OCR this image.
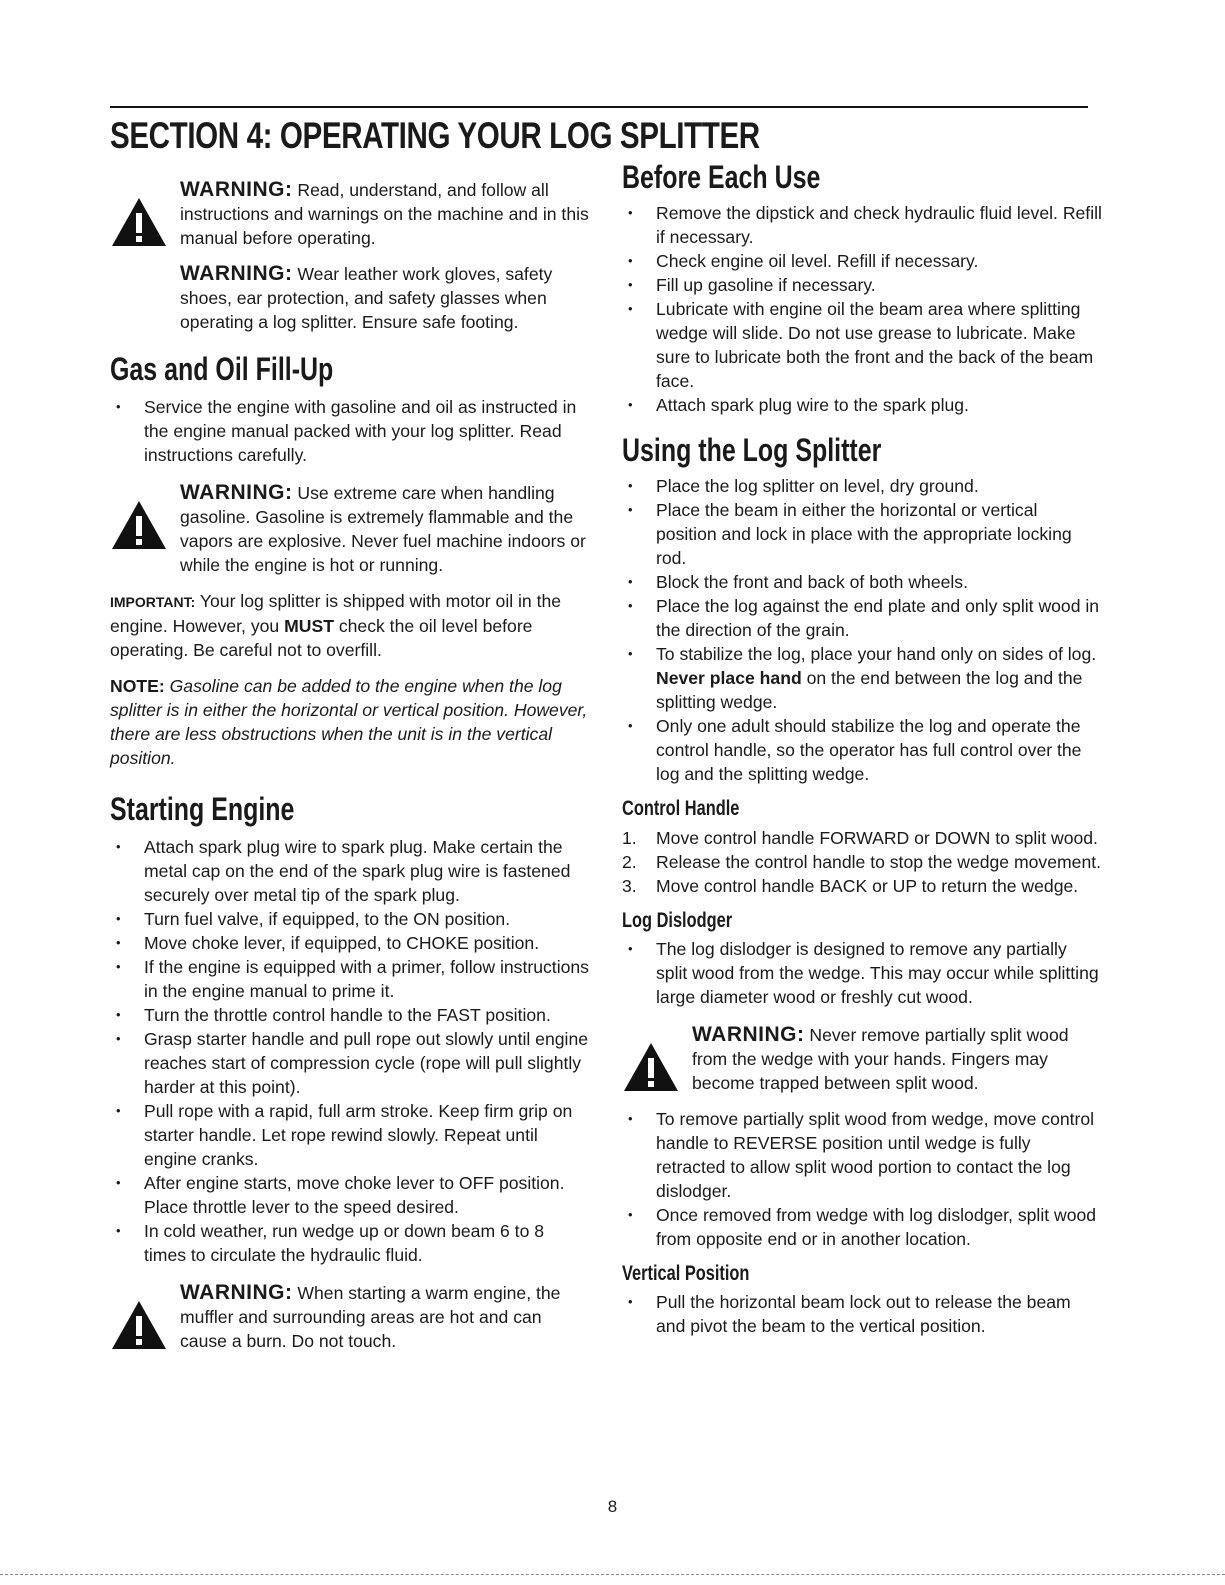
SECTION 4: OPERATING YOUR LOG SPLITTER

WARNING: Read, understand, and follow all instructions and warnings on the machine and in this manual before operating.

WARNING: Wear leather work gloves, safety shoes, ear protection, and safety glasses when operating a log splitter. Ensure safe footing.

Gas and Oil Fill-Up
• Service the engine with gasoline and oil as instructed in the engine manual packed with your log splitter. Read instructions carefully.

WARNING: Use extreme care when handling gasoline. Gasoline is extremely flammable and the vapors are explosive. Never fuel machine indoors or while the engine is hot or running.

IMPORTANT: Your log splitter is shipped with motor oil in the engine. However, you MUST check the oil level before operating. Be careful not to overfill.

NOTE: Gasoline can be added to the engine when the log splitter is in either the horizontal or vertical position. However, there are less obstructions when the unit is in the vertical position.

Starting Engine
• Attach spark plug wire to spark plug. Make certain the metal cap on the end of the spark plug wire is fastened securely over metal tip of the spark plug.
• Turn fuel valve, if equipped, to the ON position.
• Move choke lever, if equipped, to CHOKE position.
• If the engine is equipped with a primer, follow instructions in the engine manual to prime it.
• Turn the throttle control handle to the FAST position.
• Grasp starter handle and pull rope out slowly until engine reaches start of compression cycle (rope will pull slightly harder at this point).
• Pull rope with a rapid, full arm stroke. Keep firm grip on starter handle. Let rope rewind slowly. Repeat until engine cranks.
• After engine starts, move choke lever to OFF position. Place throttle lever to the speed desired.
• In cold weather, run wedge up or down beam 6 to 8 times to circulate the hydraulic fluid.

WARNING: When starting a warm engine, the muffler and surrounding areas are hot and can cause a burn. Do not touch.

Before Each Use
• Remove the dipstick and check hydraulic fluid level. Refill if necessary.
• Check engine oil level. Refill if necessary.
• Fill up gasoline if necessary.
• Lubricate with engine oil the beam area where splitting wedge will slide. Do not use grease to lubricate. Make sure to lubricate both the front and the back of the beam face.
• Attach spark plug wire to the spark plug.
Using the Log Splitter
• Place the log splitter on level, dry ground.
• Place the beam in either the horizontal or vertical position and lock in place with the appropriate locking rod.
• Block the front and back of both wheels.
• Place the log against the end plate and only split wood in the direction of the grain.
• To stabilize the log, place your hand only on sides of log. Never place hand on the end between the log and the splitting wedge.
• Only one adult should stabilize the log and operate the control handle, so the operator has full control over the log and the splitting wedge.
Control Handle
1. Move control handle FORWARD or DOWN to split wood.
2. Release the control handle to stop the wedge movement.
3. Move control handle BACK or UP to return the wedge.
Log Dislodger
• The log dislodger is designed to remove any partially split wood from the wedge. This may occur while splitting large diameter wood or freshly cut wood.

WARNING: Never remove partially split wood from the wedge with your hands. Fingers may become trapped between split wood.

• To remove partially split wood from wedge, move control handle to REVERSE position until wedge is fully retracted to allow split wood portion to contact the log dislodger.
• Once removed from wedge with log dislodger, split wood from opposite end or in another location.
Vertical Position
• Pull the horizontal beam lock out to release the beam and pivot the beam to the vertical position.
8
